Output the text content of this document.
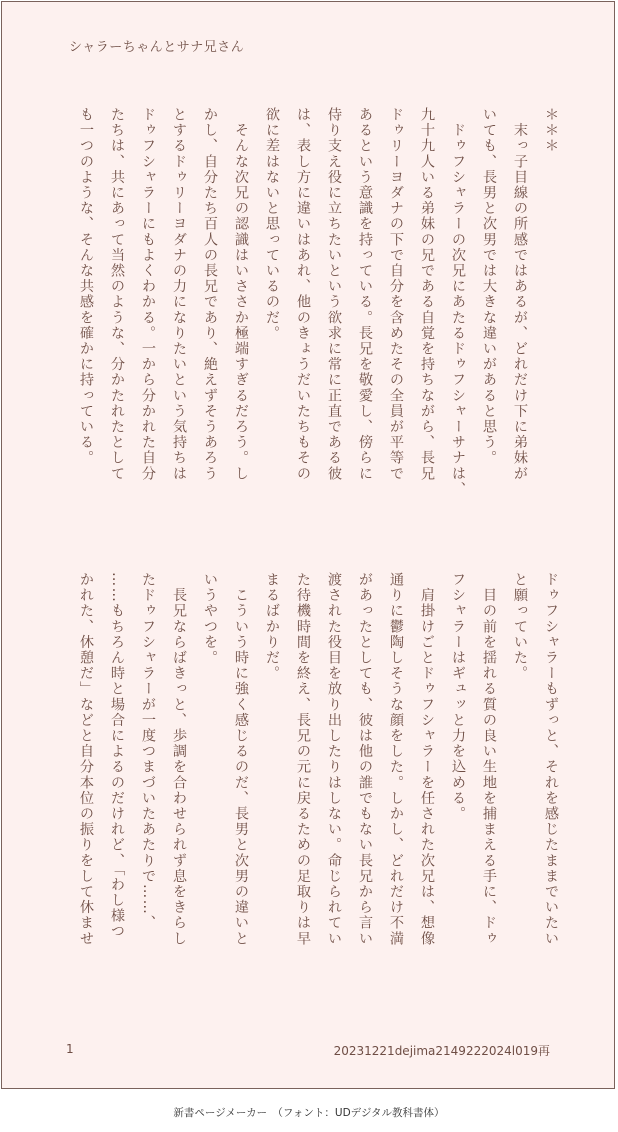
シャラーちゃんとサナ兄さん
＊＊＊
　末っ子目線の所感ではあるが、どれだけ下に弟妹が
いても、長男と次男では大きな違いがあると思う。
　ドゥフシャラーの次兄にあたるドゥフシャーサナは、
九十九人いる弟妹の兄である自覚を持ちながら、長兄
ドゥリーヨダナの下で自分を含めたその全員が平等で
あるという意識を持っている。長兄を敬愛し、傍らに
侍り支え役に立ちたいという欲求に常に正直である彼
は、表し方に違いはあれ、他のきょうだいたちもその
欲に差はないと思っているのだ。
　そんな次兄の認識はいささか極端すぎるだろう。し
かし、自分たち百人の長兄であり、絶えずそうあろう
とするドゥリーヨダナの力になりたいという気持ちは
ドゥフシャラーにもよくわかる。一から分かれた自分
たちは、共にあって当然のような、分かたれたとして
も一つのような、そんな共感を確かに持っている。
ドゥフシャラーもずっと、それを感じたままでいたい
と願っていた。
　目の前を揺れる質の良い生地を捕まえる手に、ドゥ
フシャラーはギュッと力を込める。
　肩掛けごとドゥフシャラーを任された次兄は、想像
通りに鬱陶しそうな顔をした。しかし、どれだけ不満
があったとしても、彼は他の誰でもない長兄から言い
渡された役目を放り出したりはしない。命じられてい
た待機時間を終え、長兄の元に戻るための足取りは早
まるばかりだ。
　こういう時に強く感じるのだ、長男と次男の違いと
いうやつを。
　長兄ならばきっと、歩調を合わせられず息をきらし
たドゥフシャラーが一度つまづいたあたりで……、
……もちろん時と場合によるのだけれど、「わし様つ
かれた、休憩だ」などと自分本位の振りをして休ませ
1	20231221dejima2149222024l019再
新書ページメーカー　（フォント：UDデジタル教科書体）
